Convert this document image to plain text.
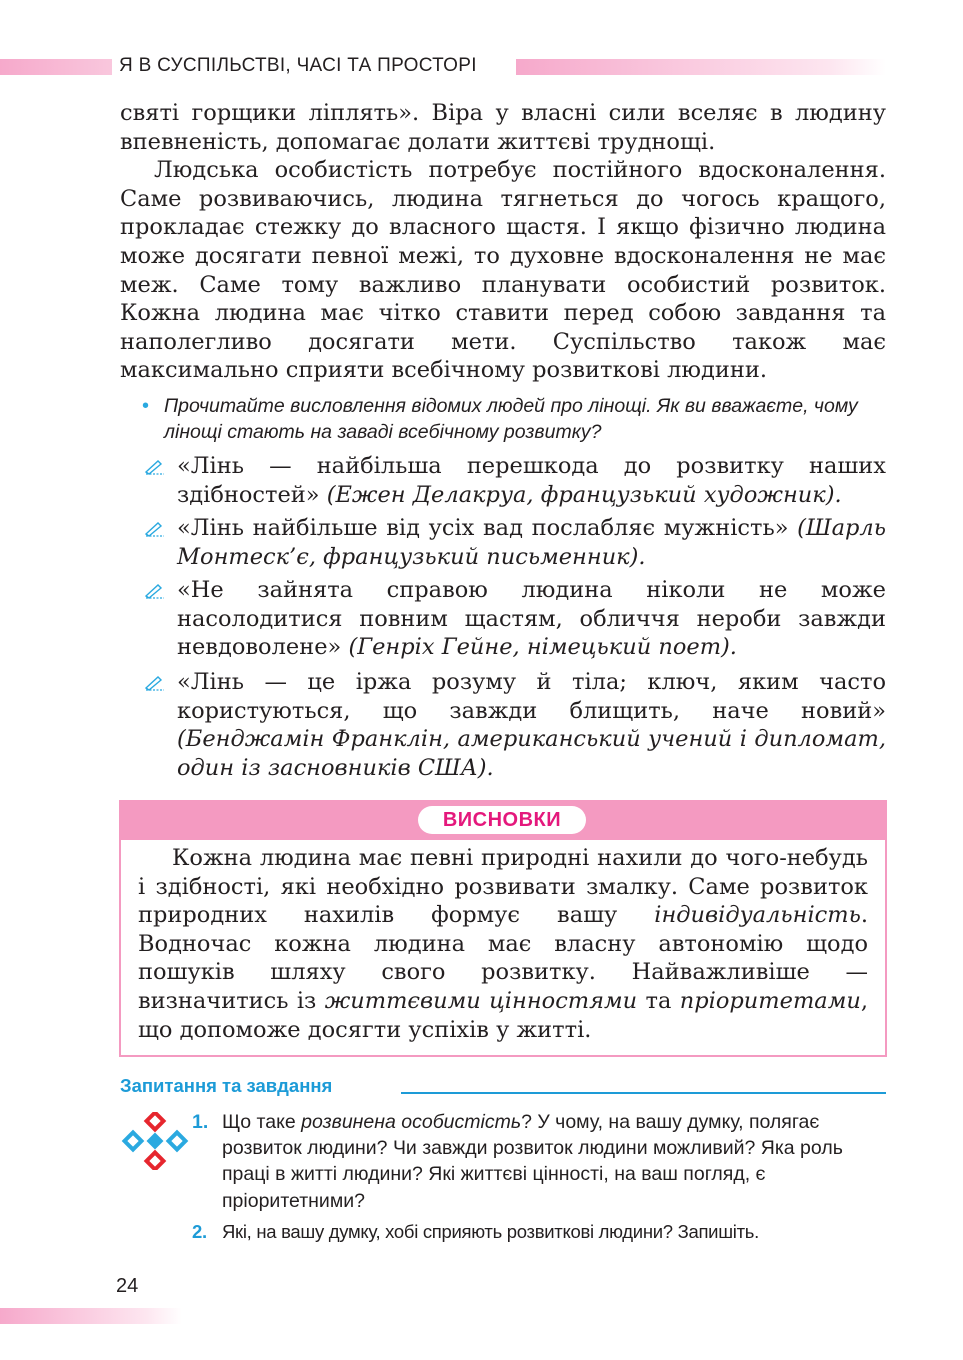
Я В СУСПІЛЬСТВІ, ЧАСІ ТА ПРОСТОРІ

святі горщики ліплять». Віра у власні сили вселяє в людину впевненість, допомагає долати життєві труднощі.

Людська особистість потребує постійного вдосконалення. Саме розвиваючись, людина тягнеться до чогось кращого, прокладає стежку до власного щастя. І якщо фізично людина може досягати певної межі, то духовне вдосконалення не має меж. Саме тому важливо планувати особистий розвиток. Кожна людина має чітко ставити перед собою завдання та наполегливо досягати мети. Суспільство також має максимально сприяти всебічному розвиткові людини.

• Прочитайте висловлення відомих людей про лінощі. Як ви вважаєте, чому лінощі стають на заваді всебічному розвитку?
«Лінь — найбільша перешкода до розвитку наших здібностей» (Ежен Делакруа, французький художник).
«Лінь найбільше від усіх вад послабляє мужність» (Шарль Монтеск’є, французький письменник).
«Не зайнята справою людина ніколи не може насолодитися повним щастям, обличчя нероби завжди невдоволене» (Генріх Гейне, німецький поет).
«Лінь — це іржа розуму й тіла; ключ, яким часто користуються, що завжди блищить, наче новий» (Бенджамін Франклін, американський учений і дипломат, один із засновників США).
ВИСНОВКИ

Кожна людина має певні природні нахили до чого-небудь і здібності, які необхідно розвивати змалку. Саме розвиток природних нахилів формує вашу індивідуальність. Водночас кожна людина має власну автономію щодо пошуків шляху свого розвитку. Найважливіше — визначитись із життєвими цінностями та пріоритетами, що допоможе досягти успіхів у житті.

Запитання та завдання
1. Що таке розвинена особистість? У чому, на вашу думку, полягає розвиток людини? Чи завжди розвиток людини можливий? Яка роль праці в житті людини? Які життєві цінності, на ваш погляд, є пріоритетними?
2. Які, на вашу думку, хобі сприяють розвиткові людини? Запишіть.
24
